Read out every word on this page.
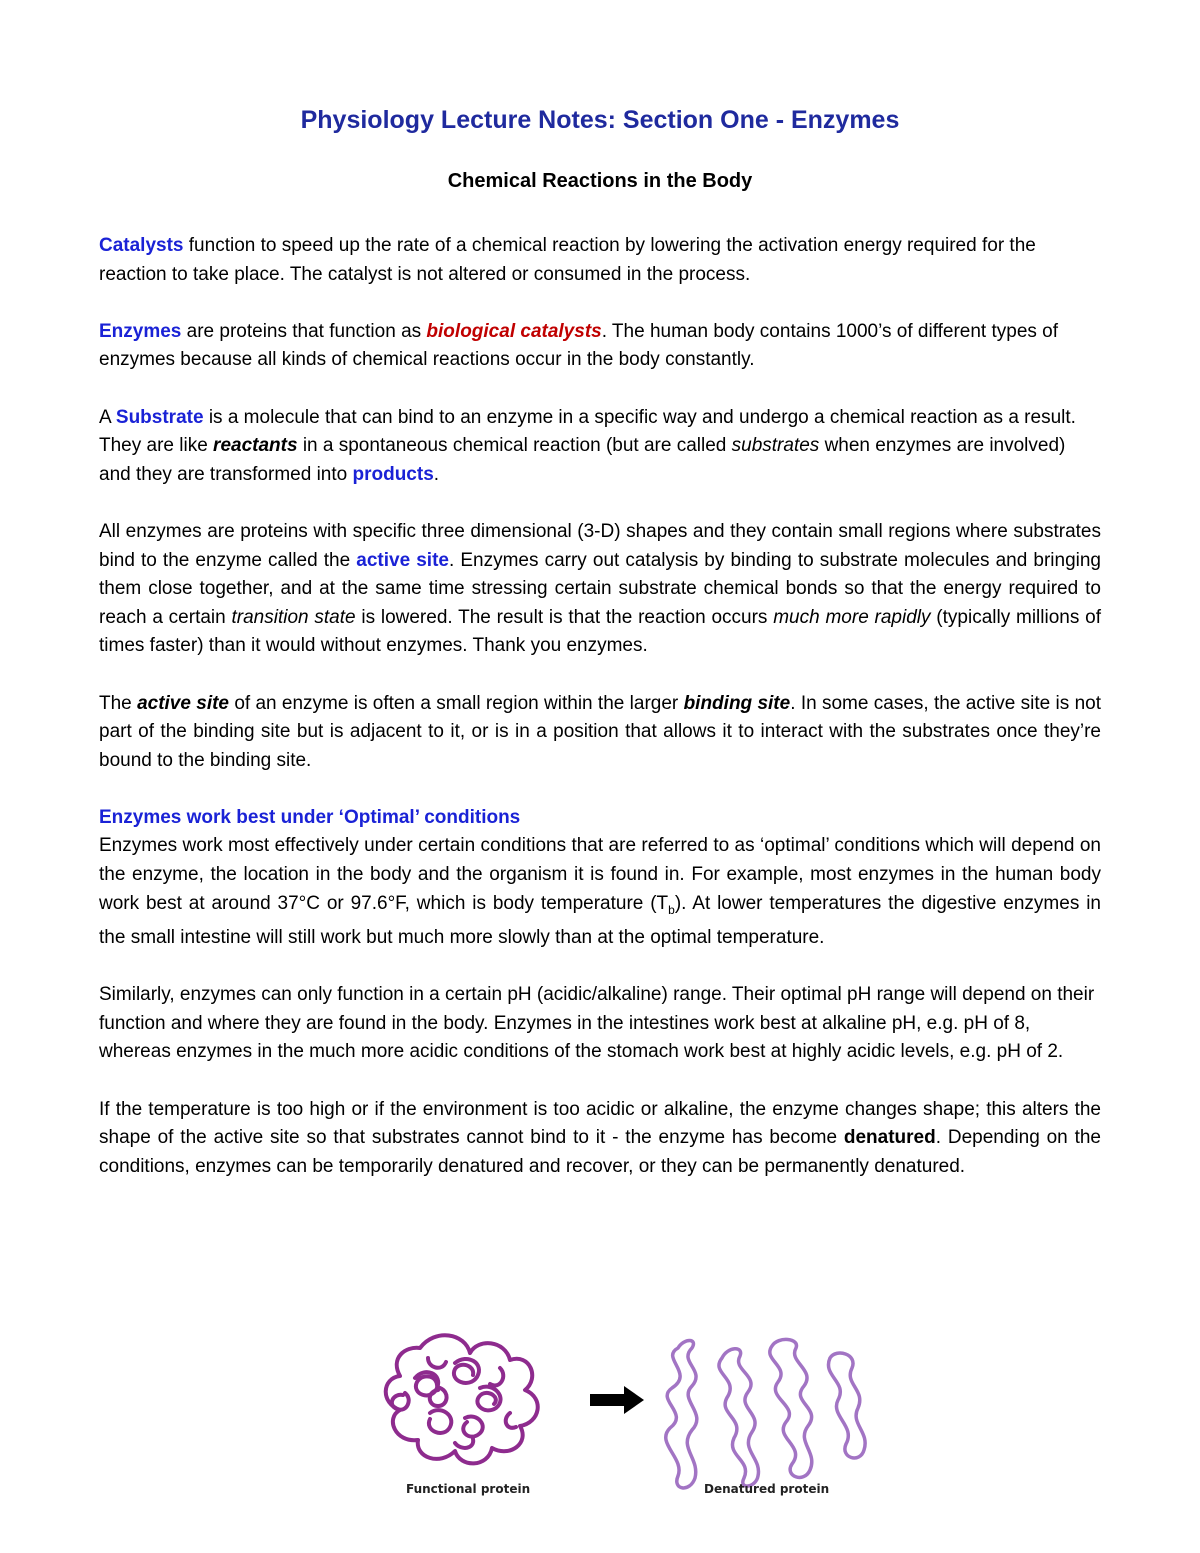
Physiology Lecture Notes: Section One - Enzymes
Chemical Reactions in the Body

Catalysts function to speed up the rate of a chemical reaction by lowering the activation energy required for the reaction to take place. The catalyst is not altered or consumed in the process.

Enzymes are proteins that function as biological catalysts. The human body contains 1000’s of different types of enzymes because all kinds of chemical reactions occur in the body constantly.

A Substrate is a molecule that can bind to an enzyme in a specific way and undergo a chemical reaction as a result. They are like reactants in a spontaneous chemical reaction (but are called substrates when enzymes are involved) and they are transformed into products.

All enzymes are proteins with specific three dimensional (3-D) shapes and they contain small regions where substrates bind to the enzyme called the active site. Enzymes carry out catalysis by binding to substrate molecules and bringing them close together, and at the same time stressing certain substrate chemical bonds so that the energy required to reach a certain transition state is lowered. The result is that the reaction occurs much more rapidly (typically millions of times faster) than it would without enzymes. Thank you enzymes.

The active site of an enzyme is often a small region within the larger binding site. In some cases, the active site is not part of the binding site but is adjacent to it, or is in a position that allows it to interact with the substrates once they’re bound to the binding site.

Enzymes work best under ‘Optimal’ conditions

Enzymes work most effectively under certain conditions that are referred to as ‘optimal’ conditions which will depend on the enzyme, the location in the body and the organism it is found in. For example, most enzymes in the human body work best at around 37°C or 97.6°F, which is body temperature $(T_b)$. At lower temperatures the digestive enzymes in the small intestine will still work but much more slowly than at the optimal temperature.

Similarly, enzymes can only function in a certain pH (acidic/alkaline) range. Their optimal pH range will depend on their function and where they are found in the body. Enzymes in the intestines work best at alkaline pH, e.g. pH of 8, whereas enzymes in the much more acidic conditions of the stomach work best at highly acidic levels, e.g. pH of 2.

If the temperature is too high or if the environment is too acidic or alkaline, the enzyme changes shape; this alters the shape of the active site so that substrates cannot bind to it - the enzyme has become denatured. Depending on the conditions, enzymes can be temporarily denatured and recover, or they can be permanently denatured.

Functional protein	Denatured protein
